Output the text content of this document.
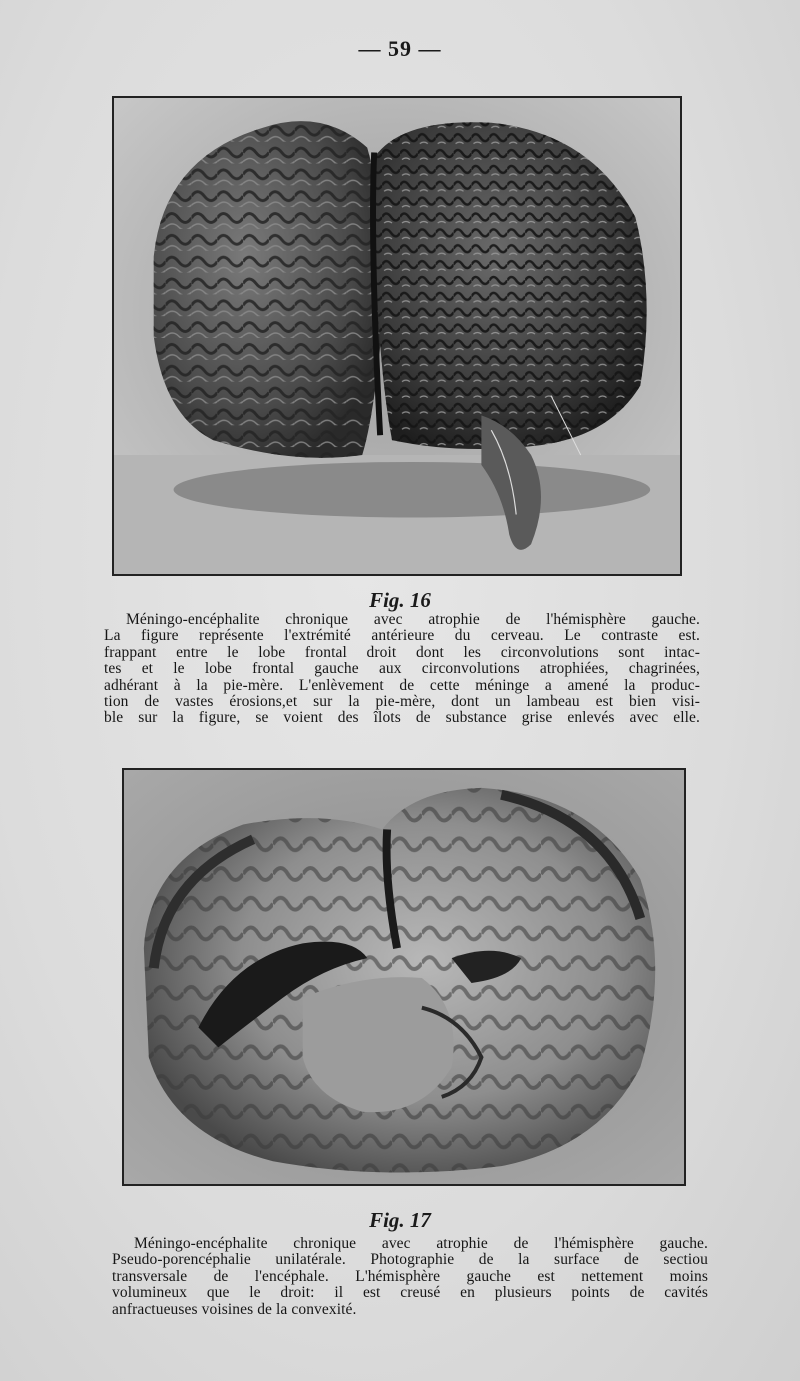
— 59 —
Fig. 16
Méningo-encéphalite chronique avec atrophie de l'hémisphère gauche.
La figure représente l'extrémité antérieure du cerveau. Le contraste est.
frappant entre le lobe frontal droit dont les circonvolutions sont intac-
tes et le lobe frontal gauche aux circonvolutions atrophiées, chagrinées,
adhérant à la pie-mère. L'enlèvement de cette méninge a amené la produc-
tion de vastes érosions,et sur la pie-mère, dont un lambeau est bien visi-
ble sur la figure, se voient des îlots de substance grise enlevés avec elle.
Fig. 17
Méningo-encéphalite chronique avec atrophie de l'hémisphère gauche.
Pseudo-porencéphalie unilatérale. Photographie de la surface de sectiou
transversale de l'encéphale. L'hémisphère gauche est nettement moins
volumineux que le droit: il est creusé en plusieurs points de cavités
anfractueuses voisines de la convexité.
